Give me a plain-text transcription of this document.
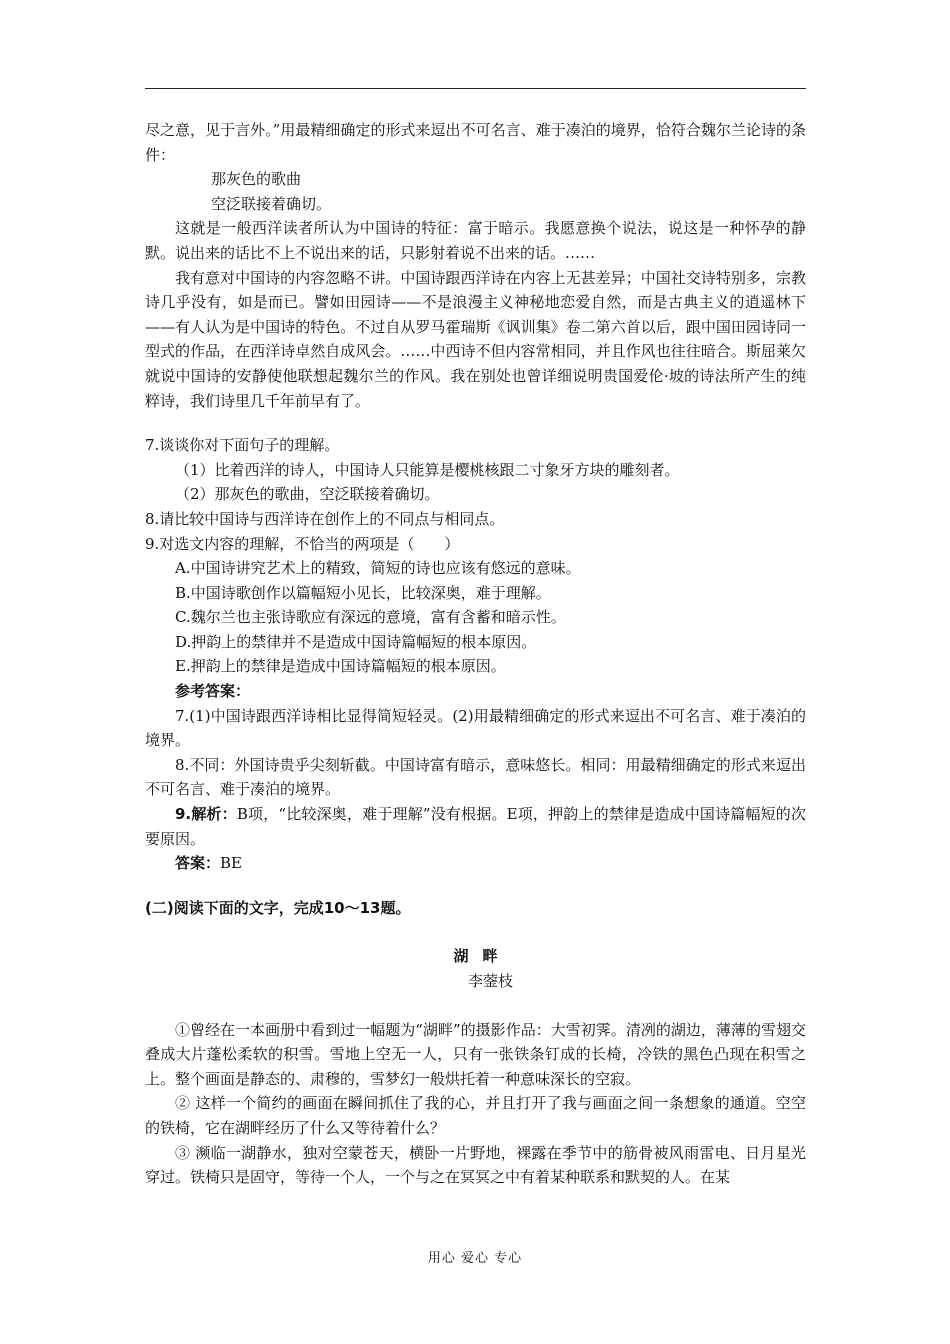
尽之意，见于言外。”用最精细确定的形式来逗出不可名言、难于凑泊的境界，恰符合魏尔兰论诗的条件：

那灰色的歌曲

空泛联接着确切。

这就是一般西洋读者所认为中国诗的特征：富于暗示。我愿意换个说法，说这是一种怀孕的静默。说出来的话比不上不说出来的话，只影射着说不出来的话。……

我有意对中国诗的内容忽略不讲。中国诗跟西洋诗在内容上无甚差异；中国社交诗特别多，宗教诗几乎没有，如是而已。譬如田园诗——不是浪漫主义神秘地恋爱自然，而是古典主义的逍遥林下——有人认为是中国诗的特色。不过自从罗马霍瑞斯《讽训集》卷二第六首以后，跟中国田园诗同一型式的作品，在西洋诗卓然自成风会。……中西诗不但内容常相同，并且作风也往往暗合。斯屈莱欠就说中国诗的安静使他联想起魏尔兰的作风。我在别处也曾详细说明贵国爱伦·坡的诗法所产生的纯粹诗，我们诗里几千年前早有了。

7.谈谈你对下面句子的理解。

（1）比着西洋的诗人，中国诗人只能算是樱桃核跟二寸象牙方块的雕刻者。

（2）那灰色的歌曲，空泛联接着确切。

8.请比较中国诗与西洋诗在创作上的不同点与相同点。

9.对选文内容的理解，不恰当的两项是（　　）

A.中国诗讲究艺术上的精致，简短的诗也应该有悠远的意味。

B.中国诗歌创作以篇幅短小见长，比较深奥，难于理解。

C.魏尔兰也主张诗歌应有深远的意境，富有含蓄和暗示性。

D.押韵上的禁律并不是造成中国诗篇幅短的根本原因。

E.押韵上的禁律是造成中国诗篇幅短的根本原因。

参考答案：

7.(1)中国诗跟西洋诗相比显得简短轻灵。(2)用最精细确定的形式来逗出不可名言、难于凑泊的境界。

8.不同：外国诗贵乎尖刻斩截。中国诗富有暗示，意味悠长。相同：用最精细确定的形式来逗出不可名言、难于凑泊的境界。

9.解析：B项，“比较深奥，难于理解”没有根据。E项，押韵上的禁律是造成中国诗篇幅短的次要原因。

答案：BE

(二)阅读下面的文字，完成10～13题。

湖畔

李蓥枝

①曾经在一本画册中看到过一幅题为“湖畔”的摄影作品：大雪初霁。清冽的湖边，薄薄的雪翅交叠成大片蓬松柔软的积雪。雪地上空无一人，只有一张铁条钉成的长椅，冷铁的黑色凸现在积雪之上。整个画面是静态的、肃穆的，雪梦幻一般烘托着一种意味深长的空寂。

② 这样一个简约的画面在瞬间抓住了我的心，并且打开了我与画面之间一条想象的通道。空空的铁椅，它在湖畔经历了什么又等待着什么？

③ 濒临一湖静水，独对空蒙苍天，横卧一片野地，裸露在季节中的筋骨被风雨雷电、日月星光穿过。铁椅只是固守，等待一个人，一个与之在冥冥之中有着某种联系和默契的人。在某

用心 爱心 专心
